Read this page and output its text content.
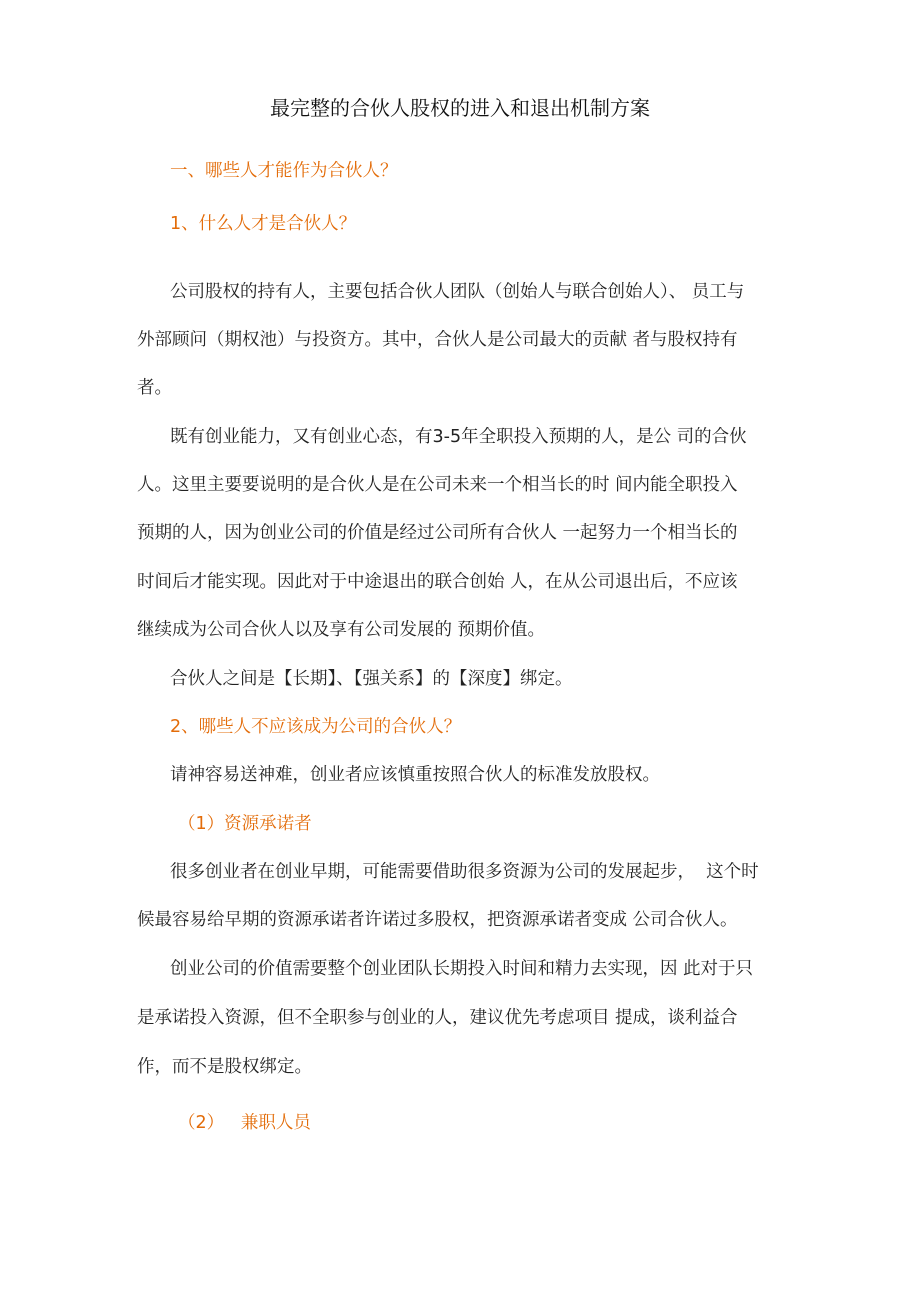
最完整的合伙人股权的进入和退出机制方案
一、哪些人才能作为合伙人？
1、什么人才是合伙人？
公司股权的持有人，主要包括合伙人团队（创始人与联合创始人）、 员工与
外部顾问（期权池）与投资方。其中，合伙人是公司最大的贡献 者与股权持有
者。
既有创业能力，又有创业心态，有3-5年全职投入预期的人，是公 司的合伙
人。这里主要要说明的是合伙人是在公司未来一个相当长的时 间内能全职投入
预期的人，因为创业公司的价值是经过公司所有合伙人 一起努力一个相当长的
时间后才能实现。因此对于中途退出的联合创始 人，在从公司退出后，不应该
继续成为公司合伙人以及享有公司发展的 预期价值。
合伙人之间是【长期】、【强关系】的【深度】绑定。
2、哪些人不应该成为公司的合伙人？
请神容易送神难，创业者应该慎重按照合伙人的标准发放股权。
（1）资源承诺者
很多创业者在创业早期，可能需要借助很多资源为公司的发展起步，  这个时
候最容易给早期的资源承诺者许诺过多股权，把资源承诺者变成 公司合伙人。
创业公司的价值需要整个创业团队长期投入时间和精力去实现，因 此对于只
是承诺投入资源，但不全职参与创业的人，建议优先考虑项目 提成，谈利益合
作，而不是股权绑定。
（2）   兼职人员
